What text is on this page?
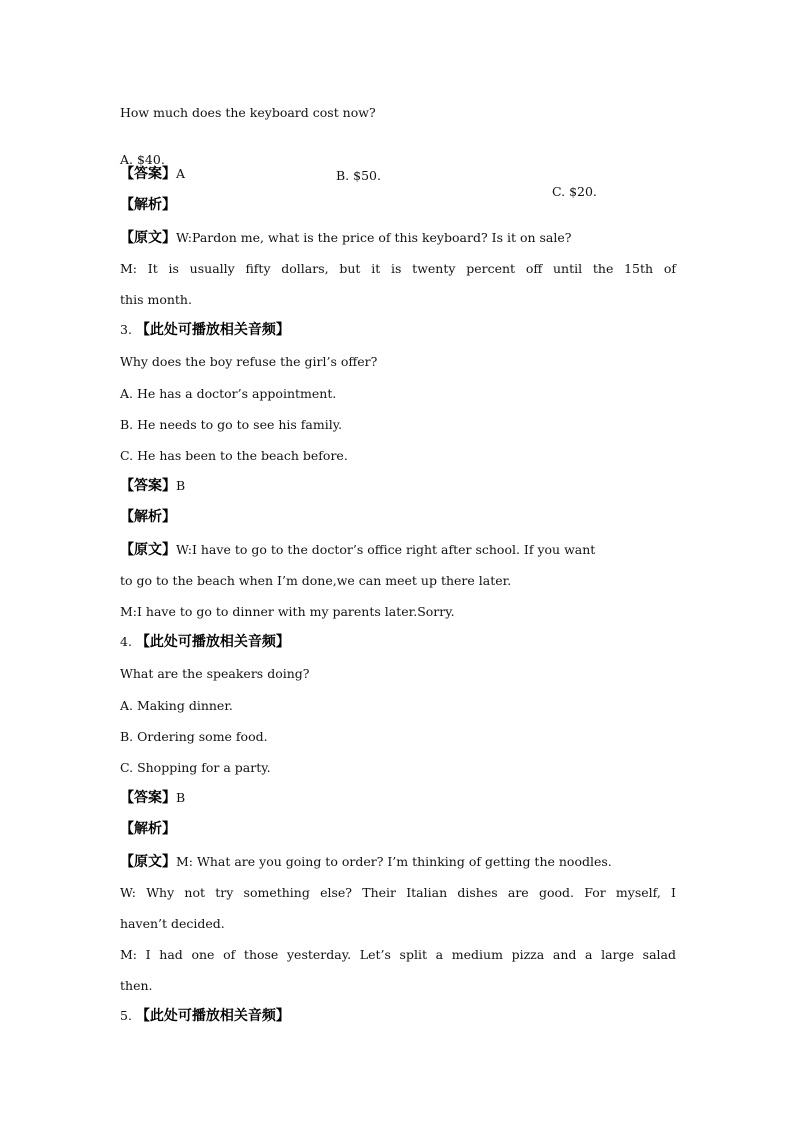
How much does the keyboard cost now?

A. $40.

B. $50.

C. $20.

【答案】A
【解析】
【原文】W:Pardon me, what is the price of this keyboard? Is it on sale?
M: It is usually fifty dollars, but it is twenty percent off until the 15th of
this month.
3. 【此处可播放相关音频】
Why does the boy refuse the girl’s offer?
A. He has a doctor’s appointment.
B. He needs to go to see his family.
C. He has been to the beach before.
【答案】B
【解析】
【原文】W:I have to go to the doctor’s office right after school. If you want
to go to the beach when I’m done,we can meet up there later.
M:I have to go to dinner with my parents later.Sorry.
4. 【此处可播放相关音频】
What are the speakers doing?
A. Making dinner.
B. Ordering some food.
C. Shopping for a party.
【答案】B
【解析】
【原文】M: What are you going to order? I’m thinking of getting the noodles.
W: Why not try something else? Their Italian dishes are good. For myself, I
haven’t decided.
M: I had one of those yesterday. Let’s split a medium pizza and a large salad
then.
5. 【此处可播放相关音频】
